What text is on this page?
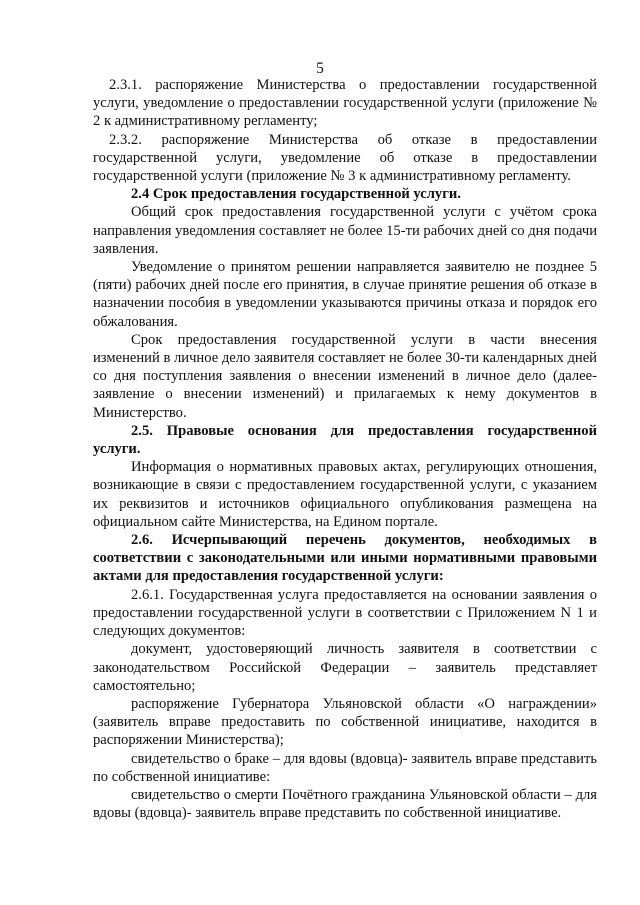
5

2.3.1. распоряжение Министерства о предоставлении государственной услуги, уведомление о предоставлении государственной услуги (приложение № 2 к административному регламенту;

2.3.2. распоряжение Министерства об отказе в предоставлении государственной услуги, уведомление об отказе в предоставлении государственной услуги (приложение № 3 к административному регламенту.

2.4 Срок предоставления государственной услуги.

Общий срок предоставления государственной услуги с учётом срока направления уведомления составляет не более 15-ти рабочих дней со дня подачи заявления.

Уведомление о принятом решении направляется заявителю не позднее 5 (пяти) рабочих дней после его принятия, в случае принятие решения об отказе в назначении пособия в уведомлении указываются причины отказа и порядок его обжалования.

Срок предоставления государственной услуги в части внесения изменений в личное дело заявителя составляет не более 30-ти календарных дней со дня поступления заявления о внесении изменений в личное дело (далее- заявление о внесении изменений) и прилагаемых к нему документов в Министерство.

2.5. Правовые основания для предоставления государственной услуги.

Информация о нормативных правовых актах, регулирующих отношения, возникающие в связи с предоставлением государственной услуги, с указанием их реквизитов и источников официального опубликования размещена на официальном сайте Министерства, на Едином портале.

2.6. Исчерпывающий перечень документов, необходимых в соответствии с законодательными или иными нормативными правовыми актами для предоставления государственной услуги:

2.6.1. Государственная услуга предоставляется на основании заявления о предоставлении государственной услуги в соответствии с Приложением N 1 и следующих документов:

документ, удостоверяющий личность заявителя в соответствии с законодательством Российской Федерации – заявитель представляет самостоятельно;

распоряжение Губернатора Ульяновской области «О награждении» (заявитель вправе предоставить по собственной инициативе, находится в распоряжении Министерства);

свидетельство о браке – для вдовы (вдовца)- заявитель вправе представить по собственной инициативе:

свидетельство о смерти Почётного гражданина Ульяновской области – для вдовы (вдовца)- заявитель вправе представить по собственной инициативе.
